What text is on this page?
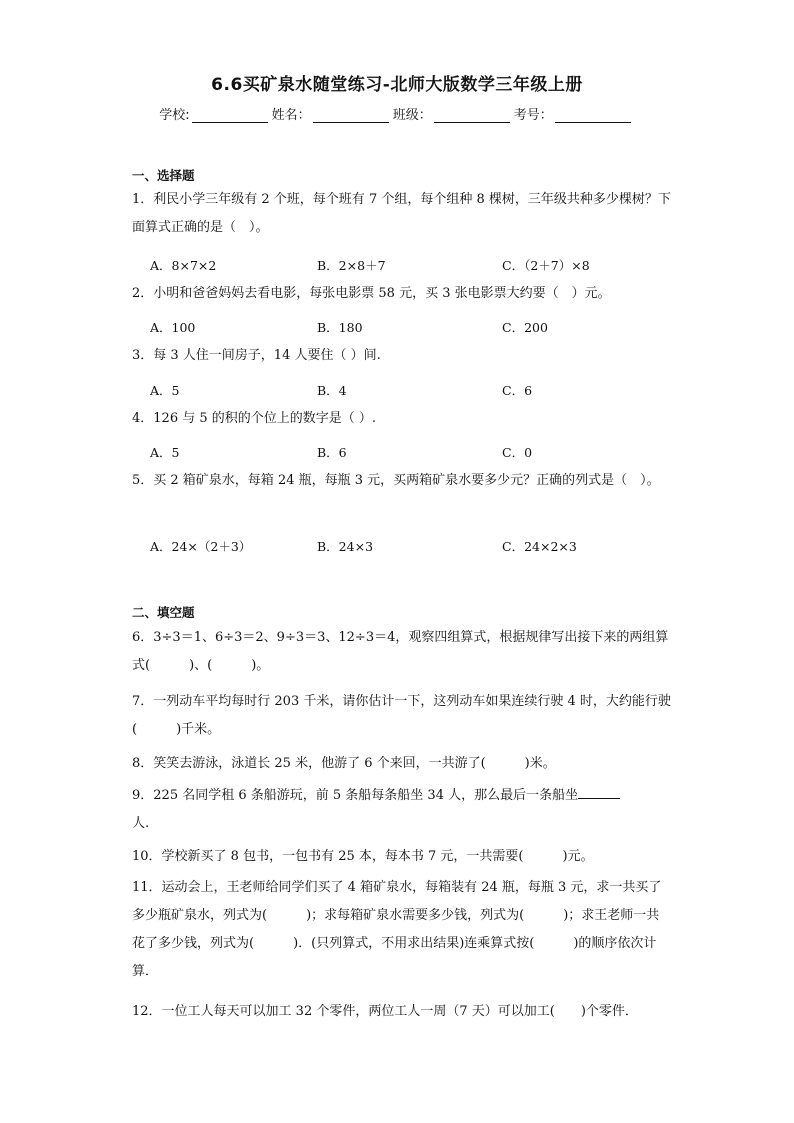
6.6买矿泉水随堂练习-北师大版数学三年级上册
学校:	姓名：	班级：	考号：
一、选择题
1．利民小学三年级有 2 个班，每个班有 7 个组，每个组种 8 棵树，三年级共种多少棵树？下面算式正确的是（　）。
A．8×7×2	B．2×8＋7	C．（2＋7）×8
2．小明和爸爸妈妈去看电影，每张电影票 58 元，买 3 张电影票大约要（　）元。
A．100	B．180	C．200
3．每 3 人住一间房子，14 人要住（ ）间.
A．5	B．4	C．6
4．126 与 5 的积的个位上的数字是（ ）.
A．5	B．6	C．0
5．买 2 箱矿泉水，每箱 24 瓶，每瓶 3 元，买两箱矿泉水要多少元？正确的列式是（　）。
A．24×（2＋3）	B．24×3	C．24×2×3
二、填空题
6．3÷3＝1、6÷3＝2、9÷3＝3、12÷3＝4，观察四组算式，根据规律写出接下来的两组算式(　　　)、(　　　)。
7．一列动车平均每时行 203 千米，请你估计一下，这列动车如果连续行驶 4 时，大约能行驶(　　　)千米。
8．笑笑去游泳，泳道长 25 米，他游了 6 个来回，一共游了(　　　)米。
9．225 名同学租 6 条船游玩，前 5 条船每条船坐 34 人，那么最后一条船坐
人.
10．学校新买了 8 包书，一包书有 25 本，每本书 7 元，一共需要(　　　)元。
11．运动会上，王老师给同学们买了 4 箱矿泉水，每箱装有 24 瓶，每瓶 3 元，求一共买了多少瓶矿泉水，列式为(　　　)；求每箱矿泉水需要多少钱，列式为(　　　)；求王老师一共花了多少钱，列式为(　　　)．(只列算式，不用求出结果)连乘算式按(　　　)的顺序依次计算．
12．一位工人每天可以加工 32 个零件，两位工人一周（7 天）可以加工(　　)个零件．
